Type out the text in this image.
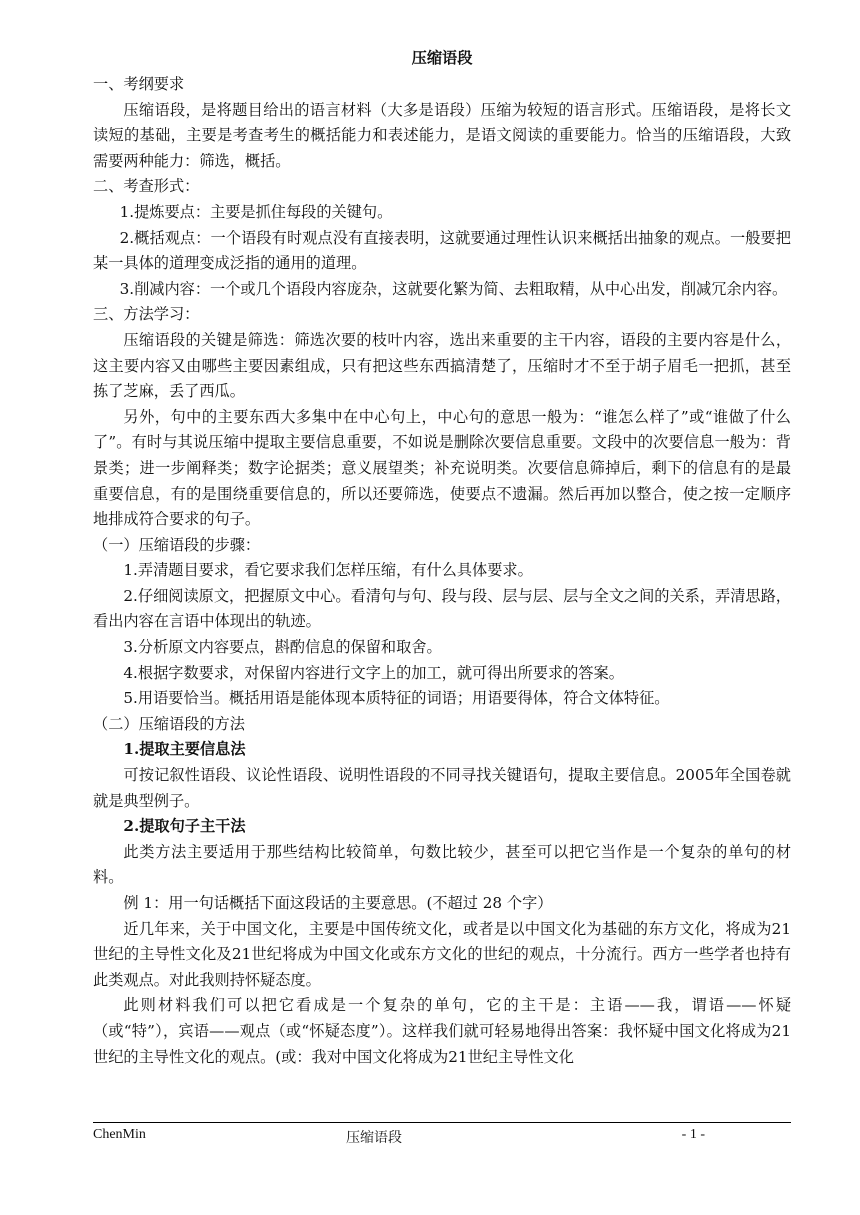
压缩语段

一、考纲要求

压缩语段，是将题目给出的语言材料（大多是语段）压缩为较短的语言形式。压缩语段，是将长文读短的基础，主要是考查考生的概括能力和表述能力，是语文阅读的重要能力。恰当的压缩语段，大致需要两种能力：筛选，概括。

二、考查形式：

1.提炼要点：主要是抓住每段的关键句。

2.概括观点：一个语段有时观点没有直接表明，这就要通过理性认识来概括出抽象的观点。一般要把某一具体的道理变成泛指的通用的道理。

3.削减内容：一个或几个语段内容庞杂，这就要化繁为简、去粗取精，从中心出发，削减冗余内容。

三、方法学习：

压缩语段的关键是筛选：筛选次要的枝叶内容，选出来重要的主干内容，语段的主要内容是什么，这主要内容又由哪些主要因素组成，只有把这些东西搞清楚了，压缩时才不至于胡子眉毛一把抓，甚至拣了芝麻，丢了西瓜。

另外，句中的主要东西大多集中在中心句上，中心句的意思一般为：“谁怎么样了”或“谁做了什么了”。有时与其说压缩中提取主要信息重要，不如说是删除次要信息重要。文段中的次要信息一般为：背景类；进一步阐释类；数字论据类；意义展望类；补充说明类。次要信息筛掉后，剩下的信息有的是最重要信息，有的是围绕重要信息的，所以还要筛选，使要点不遗漏。然后再加以整合，使之按一定顺序地排成符合要求的句子。

（一）压缩语段的步骤：

1.弄清题目要求，看它要求我们怎样压缩，有什么具体要求。

2.仔细阅读原文，把握原文中心。看清句与句、段与段、层与层、层与全文之间的关系，弄清思路，看出内容在言语中体现出的轨迹。

3.分析原文内容要点，斟酌信息的保留和取舍。

4.根据字数要求，对保留内容进行文字上的加工，就可得出所要求的答案。

5.用语要恰当。概括用语是能体现本质特征的词语；用语要得体，符合文体特征。

（二）压缩语段的方法

1.提取主要信息法

可按记叙性语段、议论性语段、说明性语段的不同寻找关键语句，提取主要信息。2005年全国卷就就是典型例子。

2.提取句子主干法

此类方法主要适用于那些结构比较简单，句数比较少，甚至可以把它当作是一个复杂的单句的材料。

例 1：用一句话概括下面这段话的主要意思。(不超过 28 个字）

近几年来，关于中国文化，主要是中国传统文化，或者是以中国文化为基础的东方文化，将成为21世纪的主导性文化及21世纪将成为中国文化或东方文化的世纪的观点，十分流行。西方一些学者也持有此类观点。对此我则持怀疑态度。

此则材料我们可以把它看成是一个复杂的单句，它的主干是：主语——我，谓语——怀疑（或“特”），宾语——观点（或“怀疑态度”）。这样我们就可轻易地得出答案：我怀疑中国文化将成为21世纪的主导性文化的观点。(或：我对中国文化将成为21世纪主导性文化

ChenMin	压缩语段	- 1 -
